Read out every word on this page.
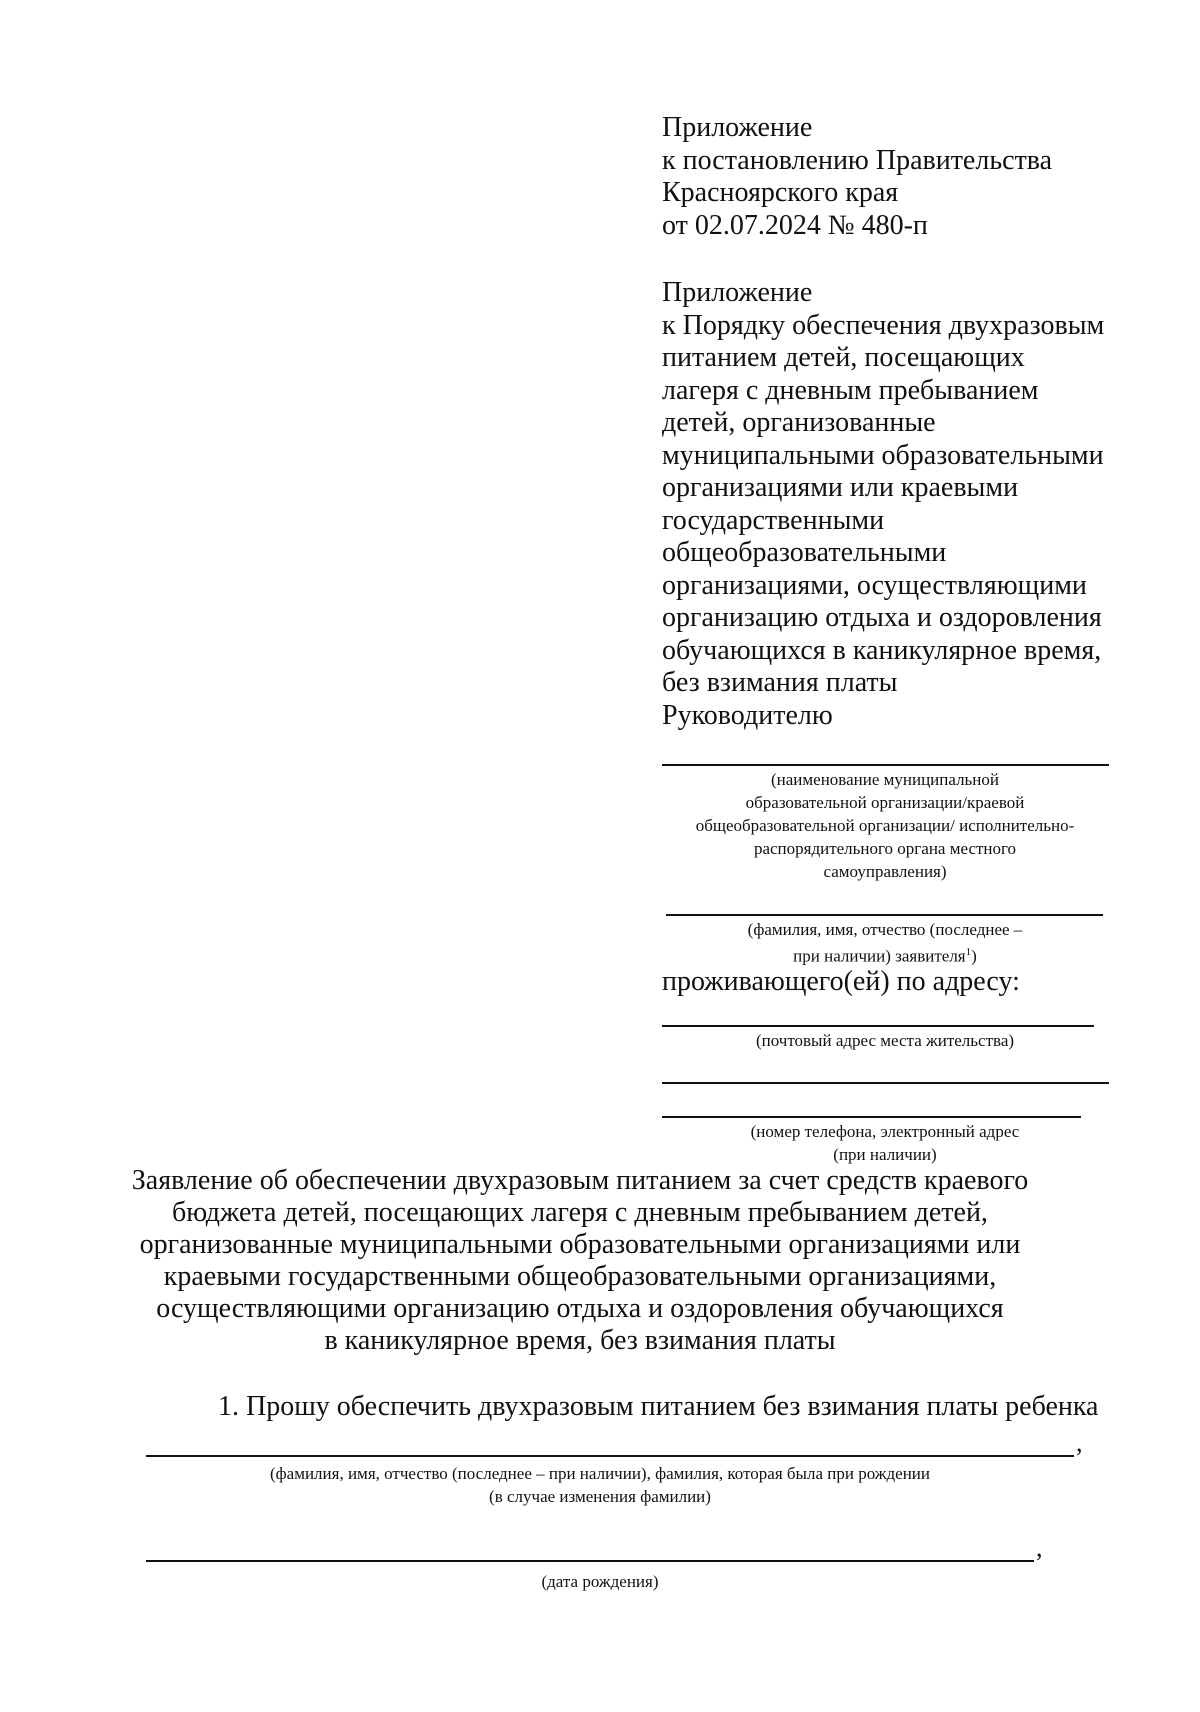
Приложение
к постановлению Правительства
Красноярского края
от 02.07.2024 № 480-п
Приложение
к Порядку обеспечения двухразовым
питанием детей, посещающих
лагеря с дневным пребыванием
детей, организованные
муниципальными образовательными
организациями или краевыми
государственными
общеобразовательными
организациями, осуществляющими
организацию отдыха и оздоровления
обучающихся в каникулярное время,
без взимания платы
Руководителю
(наименование муниципальной
образовательной организации/краевой
общеобразовательной организации/ исполнительно-
распорядительного органа местного
самоуправления)
(фамилия, имя, отчество (последнее –
при наличии) заявителя$^1$)
проживающего(ей) по адресу:
(почтовый адрес места жительства)
(номер телефона, электронный адрес
(при наличии)
Заявление об обеспечении двухразовым питанием за счет средств краевого
бюджета детей, посещающих лагеря с дневным пребыванием детей,
организованные муниципальными образовательными организациями или
краевыми государственными общеобразовательными организациями,
осуществляющими организацию отдыха и оздоровления обучающихся
в каникулярное время, без взимания платы
1. Прошу обеспечить двухразовым питанием без взимания платы ребенка
,
(фамилия, имя, отчество (последнее – при наличии), фамилия, которая была при рождении
(в случае изменения фамилии)
,
(дата рождения)
